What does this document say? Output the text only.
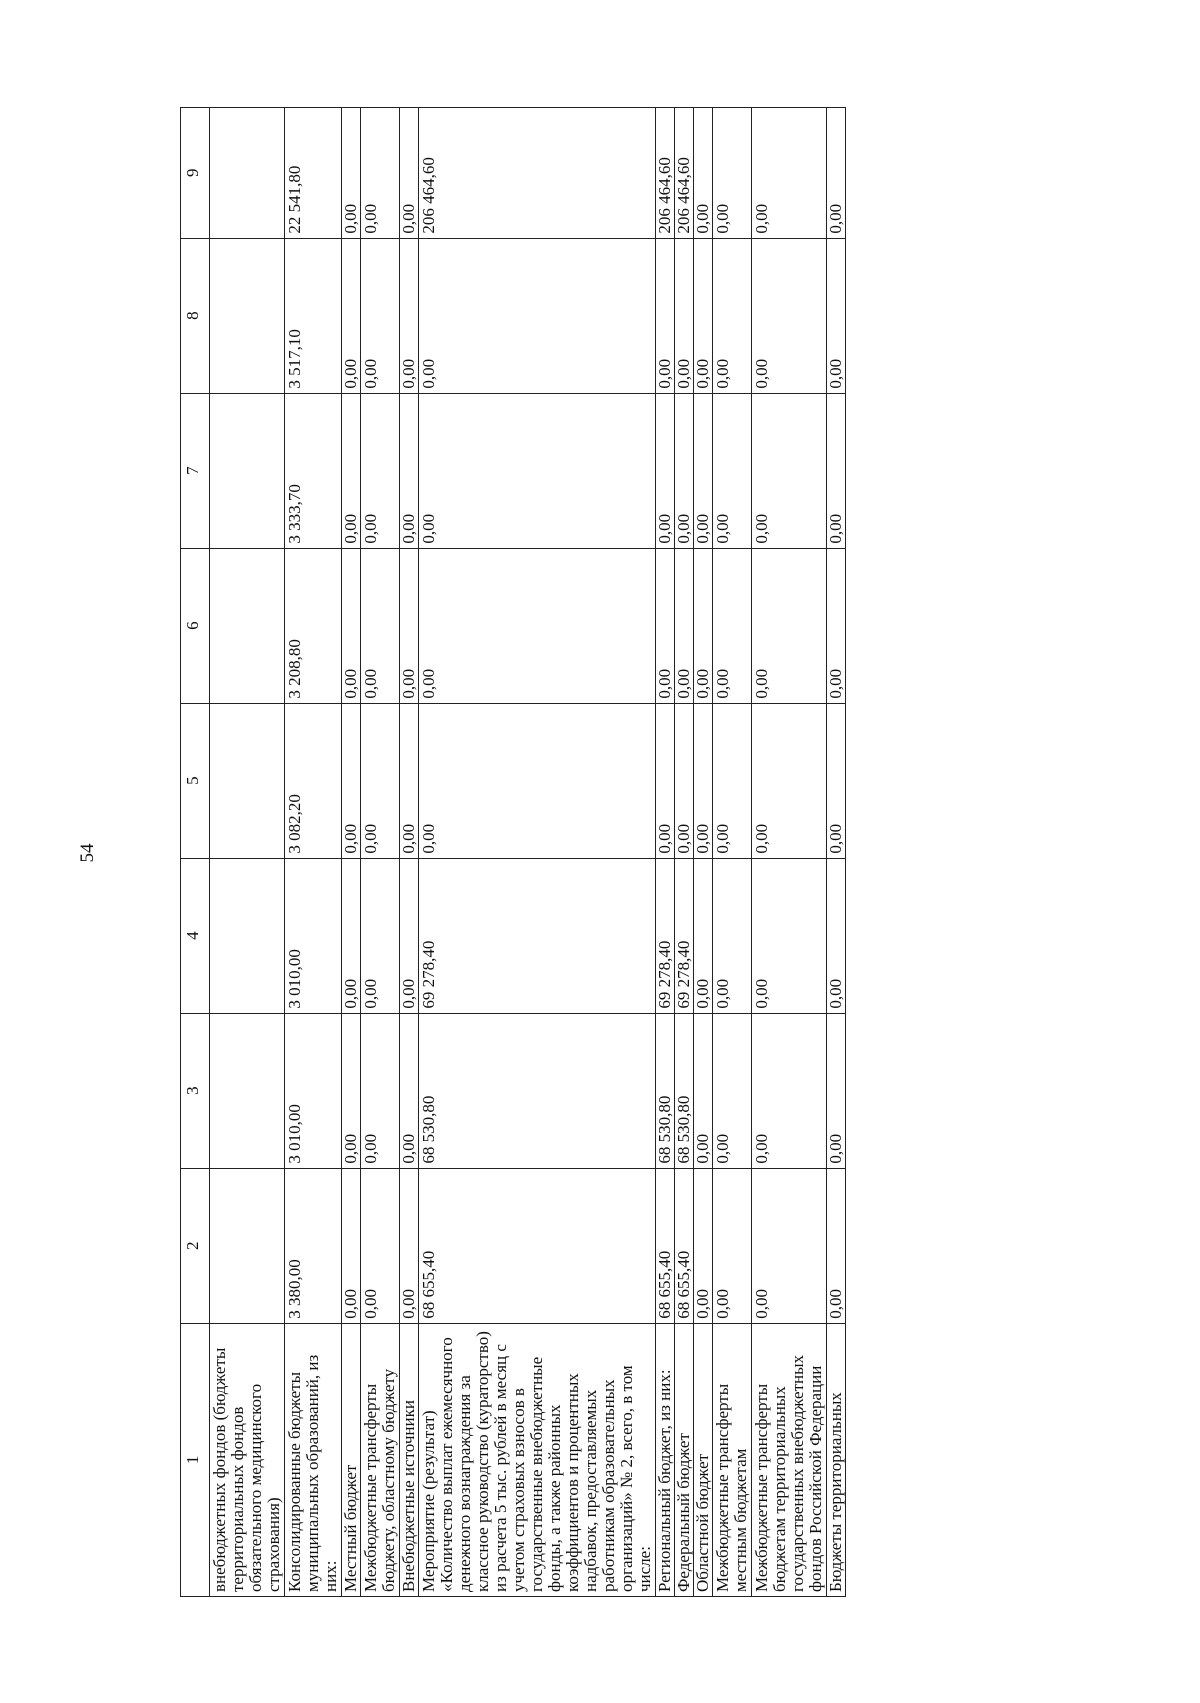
54
1	2	3	4	5	6	7	8	9
внебюджетных фондов (бюджеты территориальных фондов обязательного медицинского страхования)								
Консолидированные бюджеты муниципальных образований, из них:	3 380,00	3 010,00	3 010,00	3 082,20	3 208,80	3 333,70	3 517,10	22 541,80
Местный бюджет	0,00	0,00	0,00	0,00	0,00	0,00	0,00	0,00
Межбюджетные трансферты бюджету, областному бюджету	0,00	0,00	0,00	0,00	0,00	0,00	0,00	0,00
Внебюджетные источники	0,00	0,00	0,00	0,00	0,00	0,00	0,00	0,00
Мероприятие (результат) «Количество выплат ежемесячного денежного вознаграждения за классное руководство (кураторство) из расчета 5 тыс. рублей в месяц с учетом страховых взносов в государственные внебюджетные фонды, а также районных коэффициентов и процентных надбавок, предоставляемых работникам образовательных организаций» № 2, всего, в том числе:	68 655,40	68 530,80	69 278,40	0,00	0,00	0,00	0,00	206 464,60
Региональный бюджет, из них:	68 655,40	68 530,80	69 278,40	0,00	0,00	0,00	0,00	206 464,60
Федеральный бюджет	68 655,40	68 530,80	69 278,40	0,00	0,00	0,00	0,00	206 464,60
Областной бюджет	0,00	0,00	0,00	0,00	0,00	0,00	0,00	0,00
Межбюджетные трансферты местным бюджетам	0,00	0,00	0,00	0,00	0,00	0,00	0,00	0,00
Межбюджетные трансферты бюджетам территориальных государственных внебюджетных фондов Российской Федерации	0,00	0,00	0,00	0,00	0,00	0,00	0,00	0,00
Бюджеты территориальных	0,00	0,00	0,00	0,00	0,00	0,00	0,00	0,00
